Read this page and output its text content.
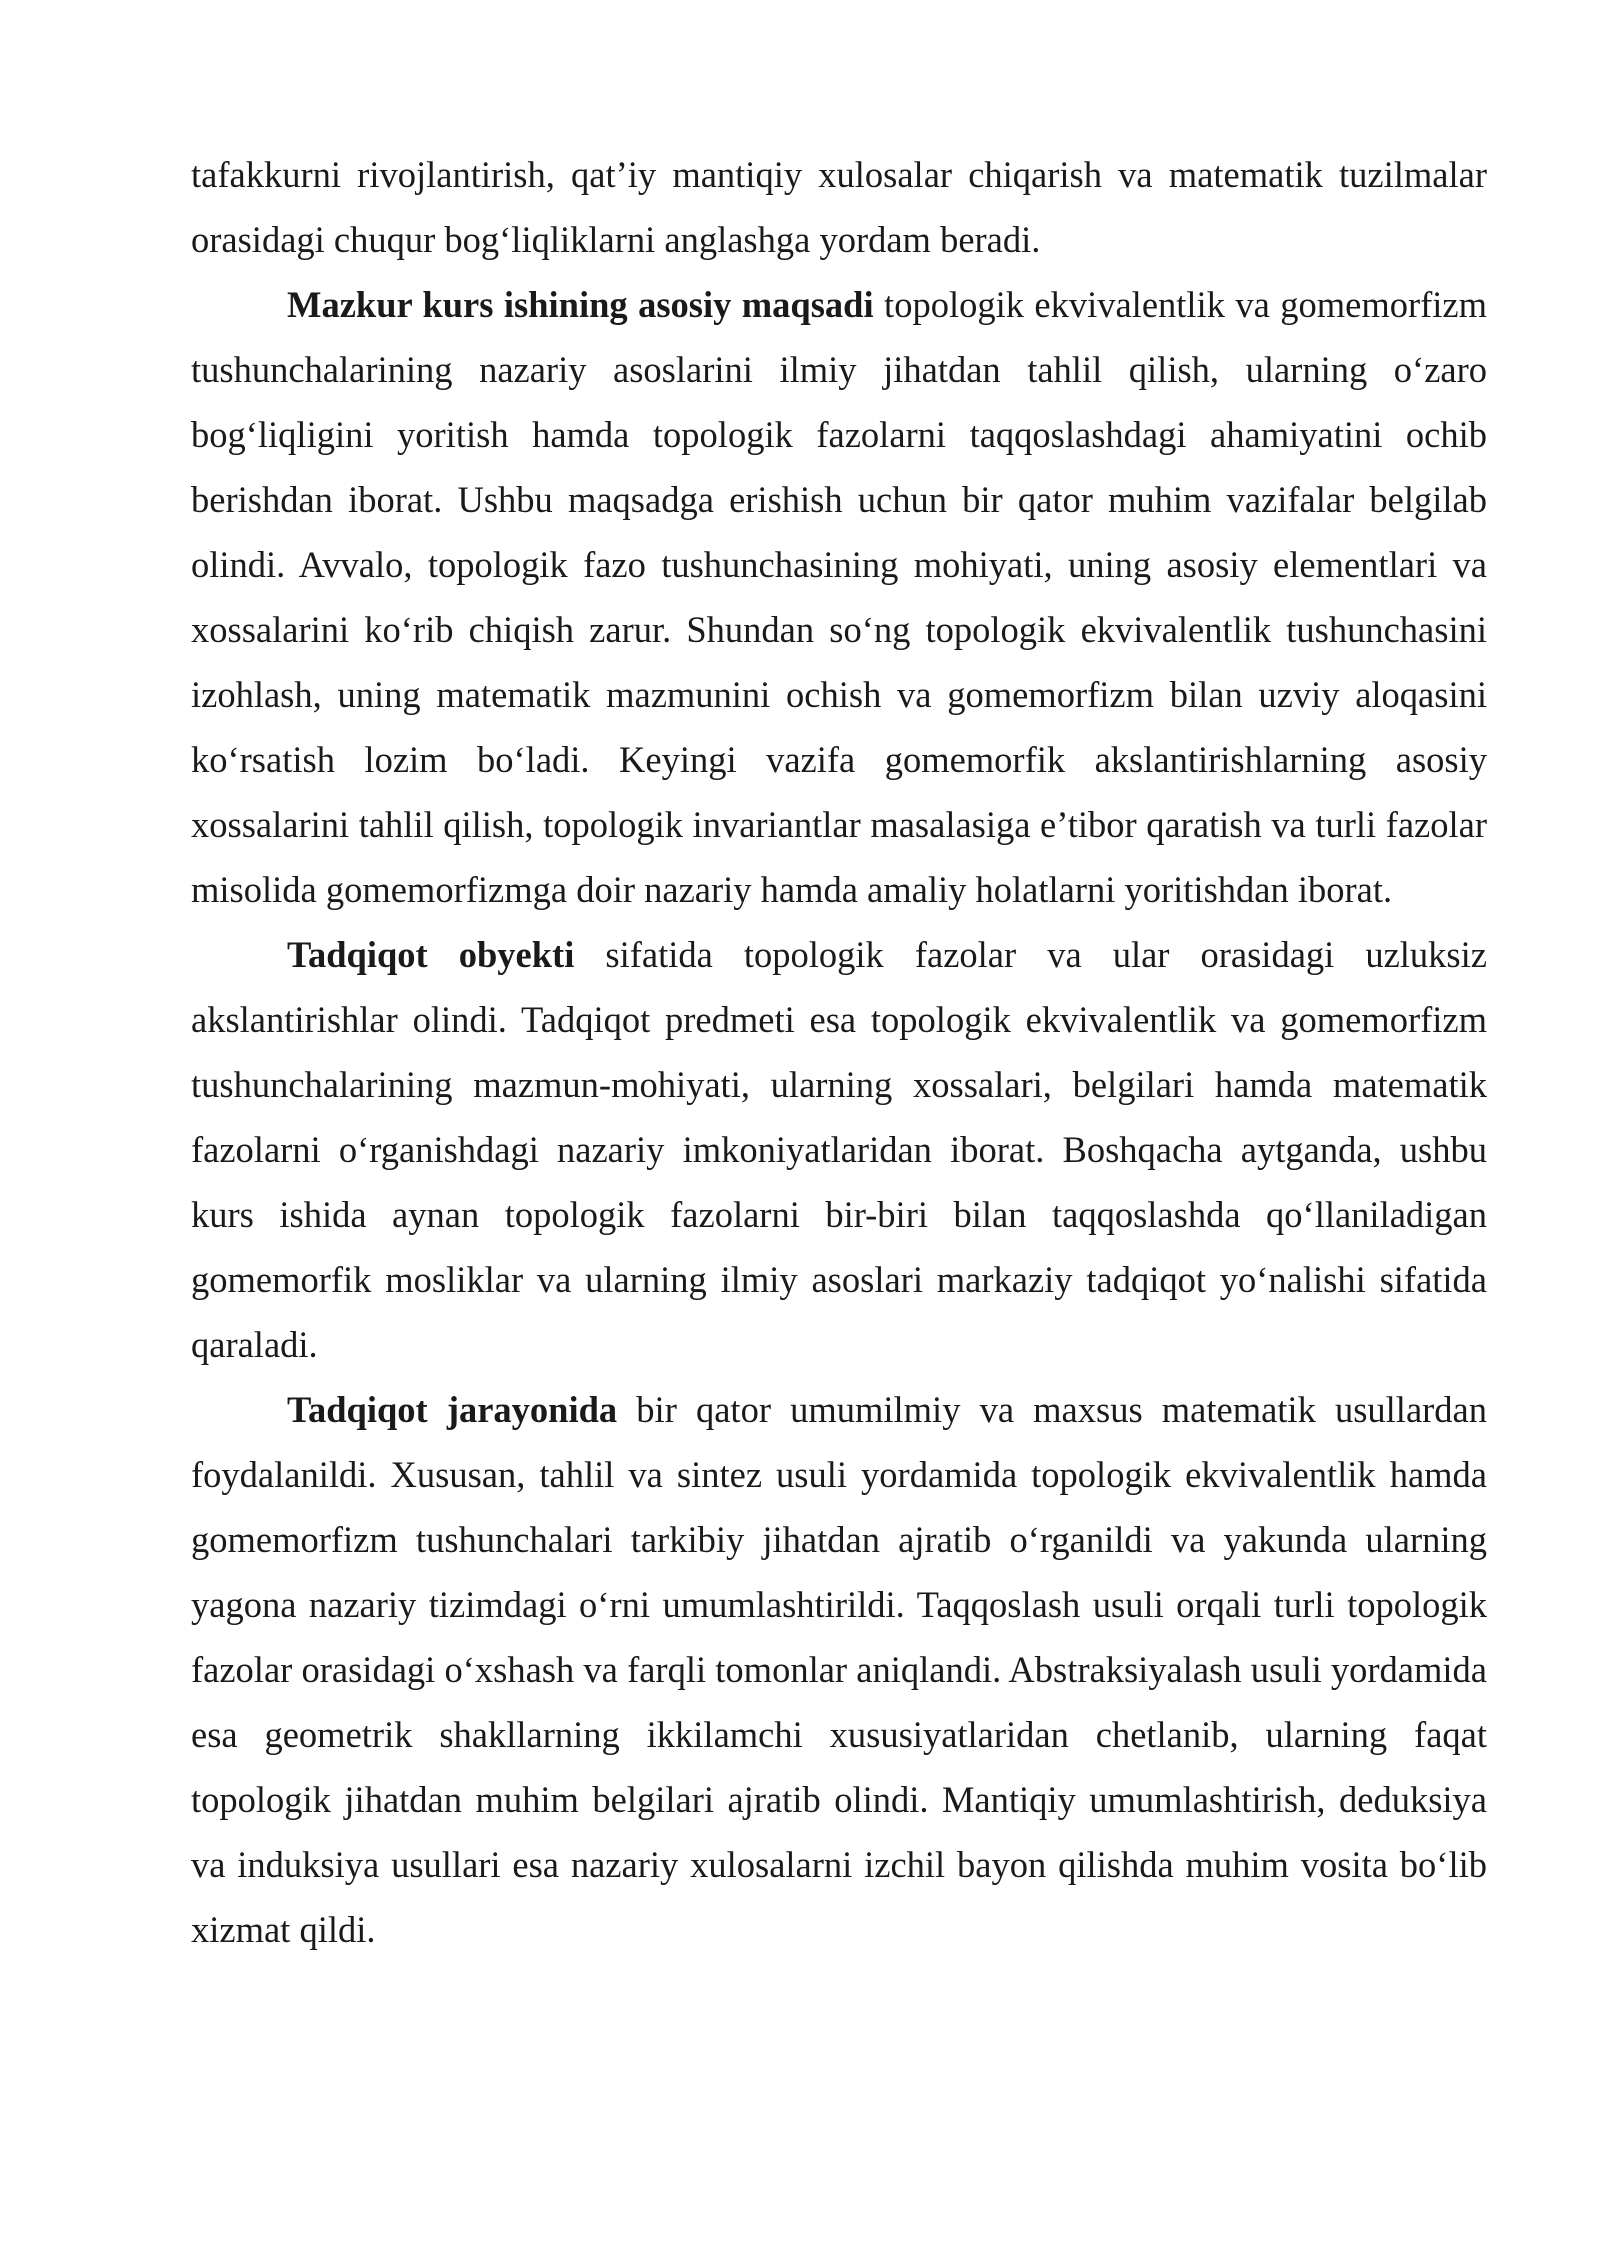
tafakkurni rivojlantirish, qat’iy mantiqiy xulosalar chiqarish va matematik tuzilmalar orasidagi chuqur bog‘liqliklarni anglashga yordam beradi.

Mazkur kurs ishining asosiy maqsadi topologik ekvivalentlik va gomemorfizm tushunchalarining nazariy asoslarini ilmiy jihatdan tahlil qilish, ularning o‘zaro bog‘liqligini yoritish hamda topologik fazolarni taqqoslashdagi ahamiyatini ochib berishdan iborat. Ushbu maqsadga erishish uchun bir qator muhim vazifalar belgilab olindi. Avvalo, topologik fazo tushunchasining mohiyati, uning asosiy elementlari va xossalarini ko‘rib chiqish zarur. Shundan so‘ng topologik ekvivalentlik tushunchasini izohlash, uning matematik mazmunini ochish va gomemorfizm bilan uzviy aloqasini ko‘rsatish lozim bo‘ladi. Keyingi vazifa gomemorfik akslantirishlarning asosiy xossalarini tahlil qilish, topologik invariantlar masalasiga e’tibor qaratish va turli fazolar misolida gomemorfizmga doir nazariy hamda amaliy holatlarni yoritishdan iborat.

Tadqiqot obyekti sifatida topologik fazolar va ular orasidagi uzluksiz akslantirishlar olindi. Tadqiqot predmeti esa topologik ekvivalentlik va gomemorfizm tushunchalarining mazmun-mohiyati, ularning xossalari, belgilari hamda matematik fazolarni o‘rganishdagi nazariy imkoniyatlaridan iborat. Boshqacha aytganda, ushbu kurs ishida aynan topologik fazolarni bir-biri bilan taqqoslashda qo‘llaniladigan gomemorfik mosliklar va ularning ilmiy asoslari markaziy tadqiqot yo‘nalishi sifatida qaraladi.

Tadqiqot jarayonida bir qator umumilmiy va maxsus matematik usullardan foydalanildi. Xususan, tahlil va sintez usuli yordamida topologik ekvivalentlik hamda gomemorfizm tushunchalari tarkibiy jihatdan ajratib o‘rganildi va yakunda ularning yagona nazariy tizimdagi o‘rni umumlashtirildi. Taqqoslash usuli orqali turli topologik fazolar orasidagi o‘xshash va farqli tomonlar aniqlandi. Abstraksiyalash usuli yordamida esa geometrik shakllarning ikkilamchi xususiyatlaridan chetlanib, ularning faqat topologik jihatdan muhim belgilari ajratib olindi. Mantiqiy umumlashtirish, deduksiya va induksiya usullari esa nazariy xulosalarni izchil bayon qilishda muhim vosita bo‘lib xizmat qildi.
